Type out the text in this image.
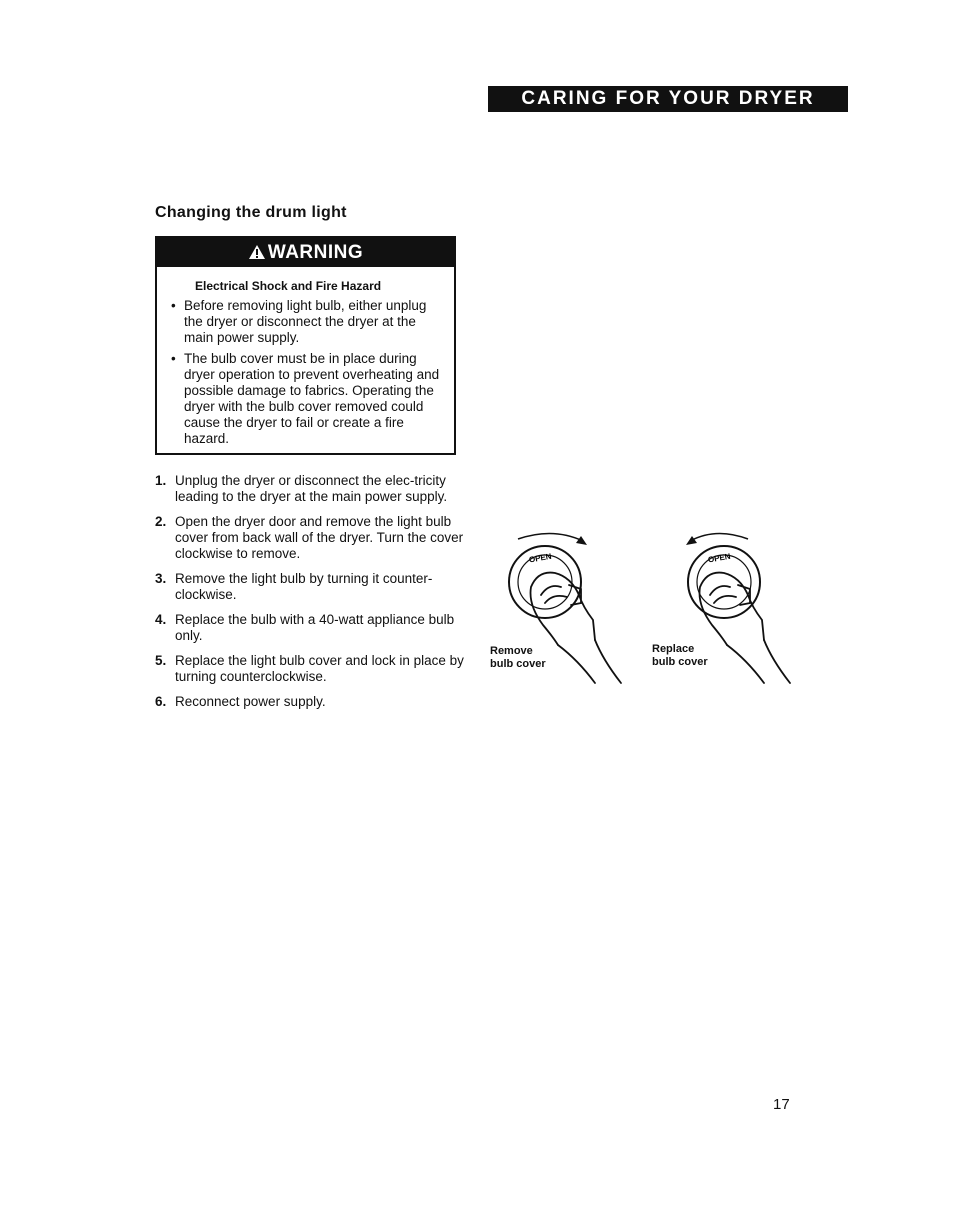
CARING FOR YOUR DRYER
Changing the drum light
WARNING
Electrical Shock and Fire Hazard
• Before removing light bulb, either unplug the dryer or disconnect the dryer at the main power supply.
• The bulb cover must be in place during dryer operation to prevent overheating and possible damage to fabrics. Operating the dryer with the bulb cover removed could cause the dryer to fail or create a fire hazard.
1. Unplug the dryer or disconnect the elec-tricity leading to the dryer at the main power supply.
2. Open the dryer door and remove the light bulb cover from back wall of the dryer. Turn the cover clockwise to remove.
3. Remove the light bulb by turning it counter-clockwise.
4. Replace the bulb with a 40-watt appliance bulb only.
5. Replace the light bulb cover and lock in place by turning counterclockwise.
6. Reconnect power supply.
OPEN
Remove
bulb cover
OPEN
Replace
bulb cover
17
